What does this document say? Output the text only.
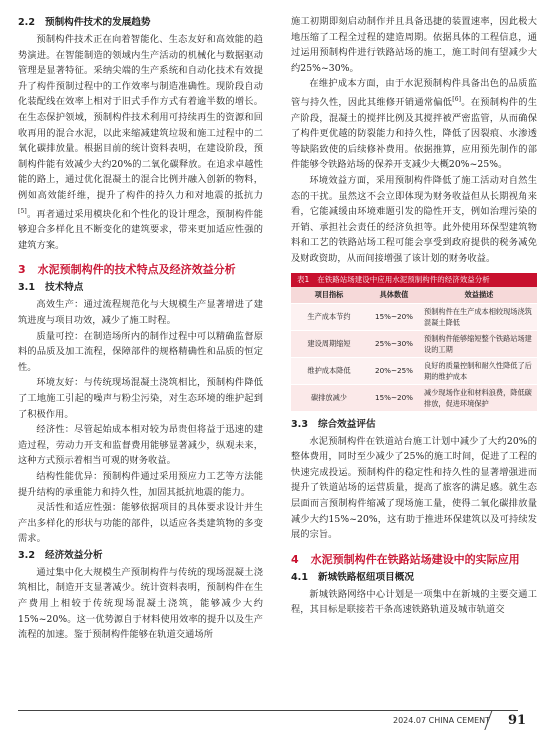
2.2 预制构件技术的发展趋势

预制构件技术正在向着智能化、生态友好和高效能的趋势演进。在智能制造的领域内生产活动的机械化与数据驱动管理是显著特征。采纳尖端的生产系统和自动化技术有效提升了构件预制过程中的工作效率与制造准确性。现阶段自动化装配线在效率上相对于旧式手作方式有着逾半数的增长。在生态保护领域，预制构件技术利用可持续再生的资源和回收再用的混合水泥，以此来缩减建筑垃圾和施工过程中的二氧化碳排放量。根据目前的统计资料表明，在建设阶段，预制构件能有效减少大约20%的二氧化碳释放。在追求卓越性能的路上，通过优化混凝土的混合比例并融入创新的物料，例如高效能纤维，提升了构件的持久力和对地震的抵抗力[5]。再者通过采用模块化和个性化的设计理念，预制构件能够迎合多样化且不断变化的建筑要求，带来更加适应性强的建筑方案。

3 水泥预制构件的技术特点及经济效益分析
3.1 技术特点

高效生产：通过流程规范化与大规模生产显著增进了建筑进度与项目功效，减少了施工时程。

质量可控：在制造场所内的制作过程中可以精确监督原料的品质及加工流程，保障部件的规格精确性和品质的恒定性。

环境友好：与传统现场混凝土浇筑相比，预制构件降低了工地施工引起的噪声与粉尘污染，对生态环境的维护起到了积极作用。

经济性：尽管起始成本相对较为昂贵但将益于迅速的建造过程，劳动力开支和监督费用能够显著减少，纵观未来，这种方式预示着相当可观的财务收益。

结构性能优异：预制构件通过采用预应力工艺等方法能提升结构的承重能力和持久性，加固其抵抗地震的能力。

灵活性和适应性强：能够依据项目的具体要求设计并生产出多样化的形状与功能的部件，以适应各类建筑物的多变需求。

3.2 经济效益分析

通过集中化大规模生产预制构件与传统的现场混凝土浇筑相比，制造开支显著减少。统计资料表明，预制构件在生产费用上相较于传统现场混凝土浇筑，能够减少大约15%~20%。这一优势源自于材料使用效率的提升以及生产流程的加速。鉴于预制构件能够在轨道交通场所

施工初期即刻启动制作并且具备迅捷的装置速率，因此极大地压缩了工程全过程的建造周期。依据具体的工程信息，通过运用预制构件进行铁路站场的施工，施工时间有望减少大约25%~30%。

在维护成本方面，由于水泥预制构件具备出色的品质监管与持久性，因此其维修开销通常偏低[6]。在预制构件的生产阶段，混凝土的搅拌比例及其搅拌被严密监管，从而确保了构件更优越的防裂能力和持久性，降低了因裂痕、水渗透等缺陷致使的后续修补费用。依据推算，应用预先制作的部件能够令铁路站场的保养开支减少大概20%~25%。

环境效益方面，采用预制构件降低了施工活动对自然生态的干扰。虽然这不会立即体现为财务收益但从长期视角来看，它能减缓由环境难题引发的隐性开支，例如治理污染的开销、承担社会责任的经济负担等。此外使用环保型建筑物料和工艺的铁路站场工程可能会享受到政府提供的税务减免及财政资助，从而间接增强了该计划的财务收益。

表1 在铁路站场建设中应用水泥预制构件的经济效益分析
项目指标	具体数值	效益描述
生产成本节约	15%~20%	预制构件在生产成本相较现场浇筑混凝土降低
建设周期缩短	25%~30%	预制构件能够缩短整个铁路站场建设的工期
维护成本降低	20%~25%	良好的质量控制和耐久性降低了后期的维护成本
碳排放减少	15%~20%	减少现场作业和材料浪费，降低碳排放，促进环境保护
3.3 综合效益评估

水泥预制构件在铁道站台施工计划中减少了大约20%的整体费用，同时至少减少了25%的施工时间，促进了工程的快速完成投运。预制构件的稳定性和持久性的显著增强进而提升了铁道站场的运营质量，提高了旅客的满足感。就生态层面而言预制构件缩减了现场施工量，使得二氧化碳排放量减少大约15%~20%，这有助于推进环保建筑以及可持续发展的宗旨。

4 水泥预制构件在铁路站场建设中的实际应用
4.1 新城铁路枢纽项目概况

新城铁路网络中心计划是一项集中在新城的主要交通工程，其目标是联接若干条高速铁路轨道及城市轨道交

2024.07 CHINA CEMENT 91
